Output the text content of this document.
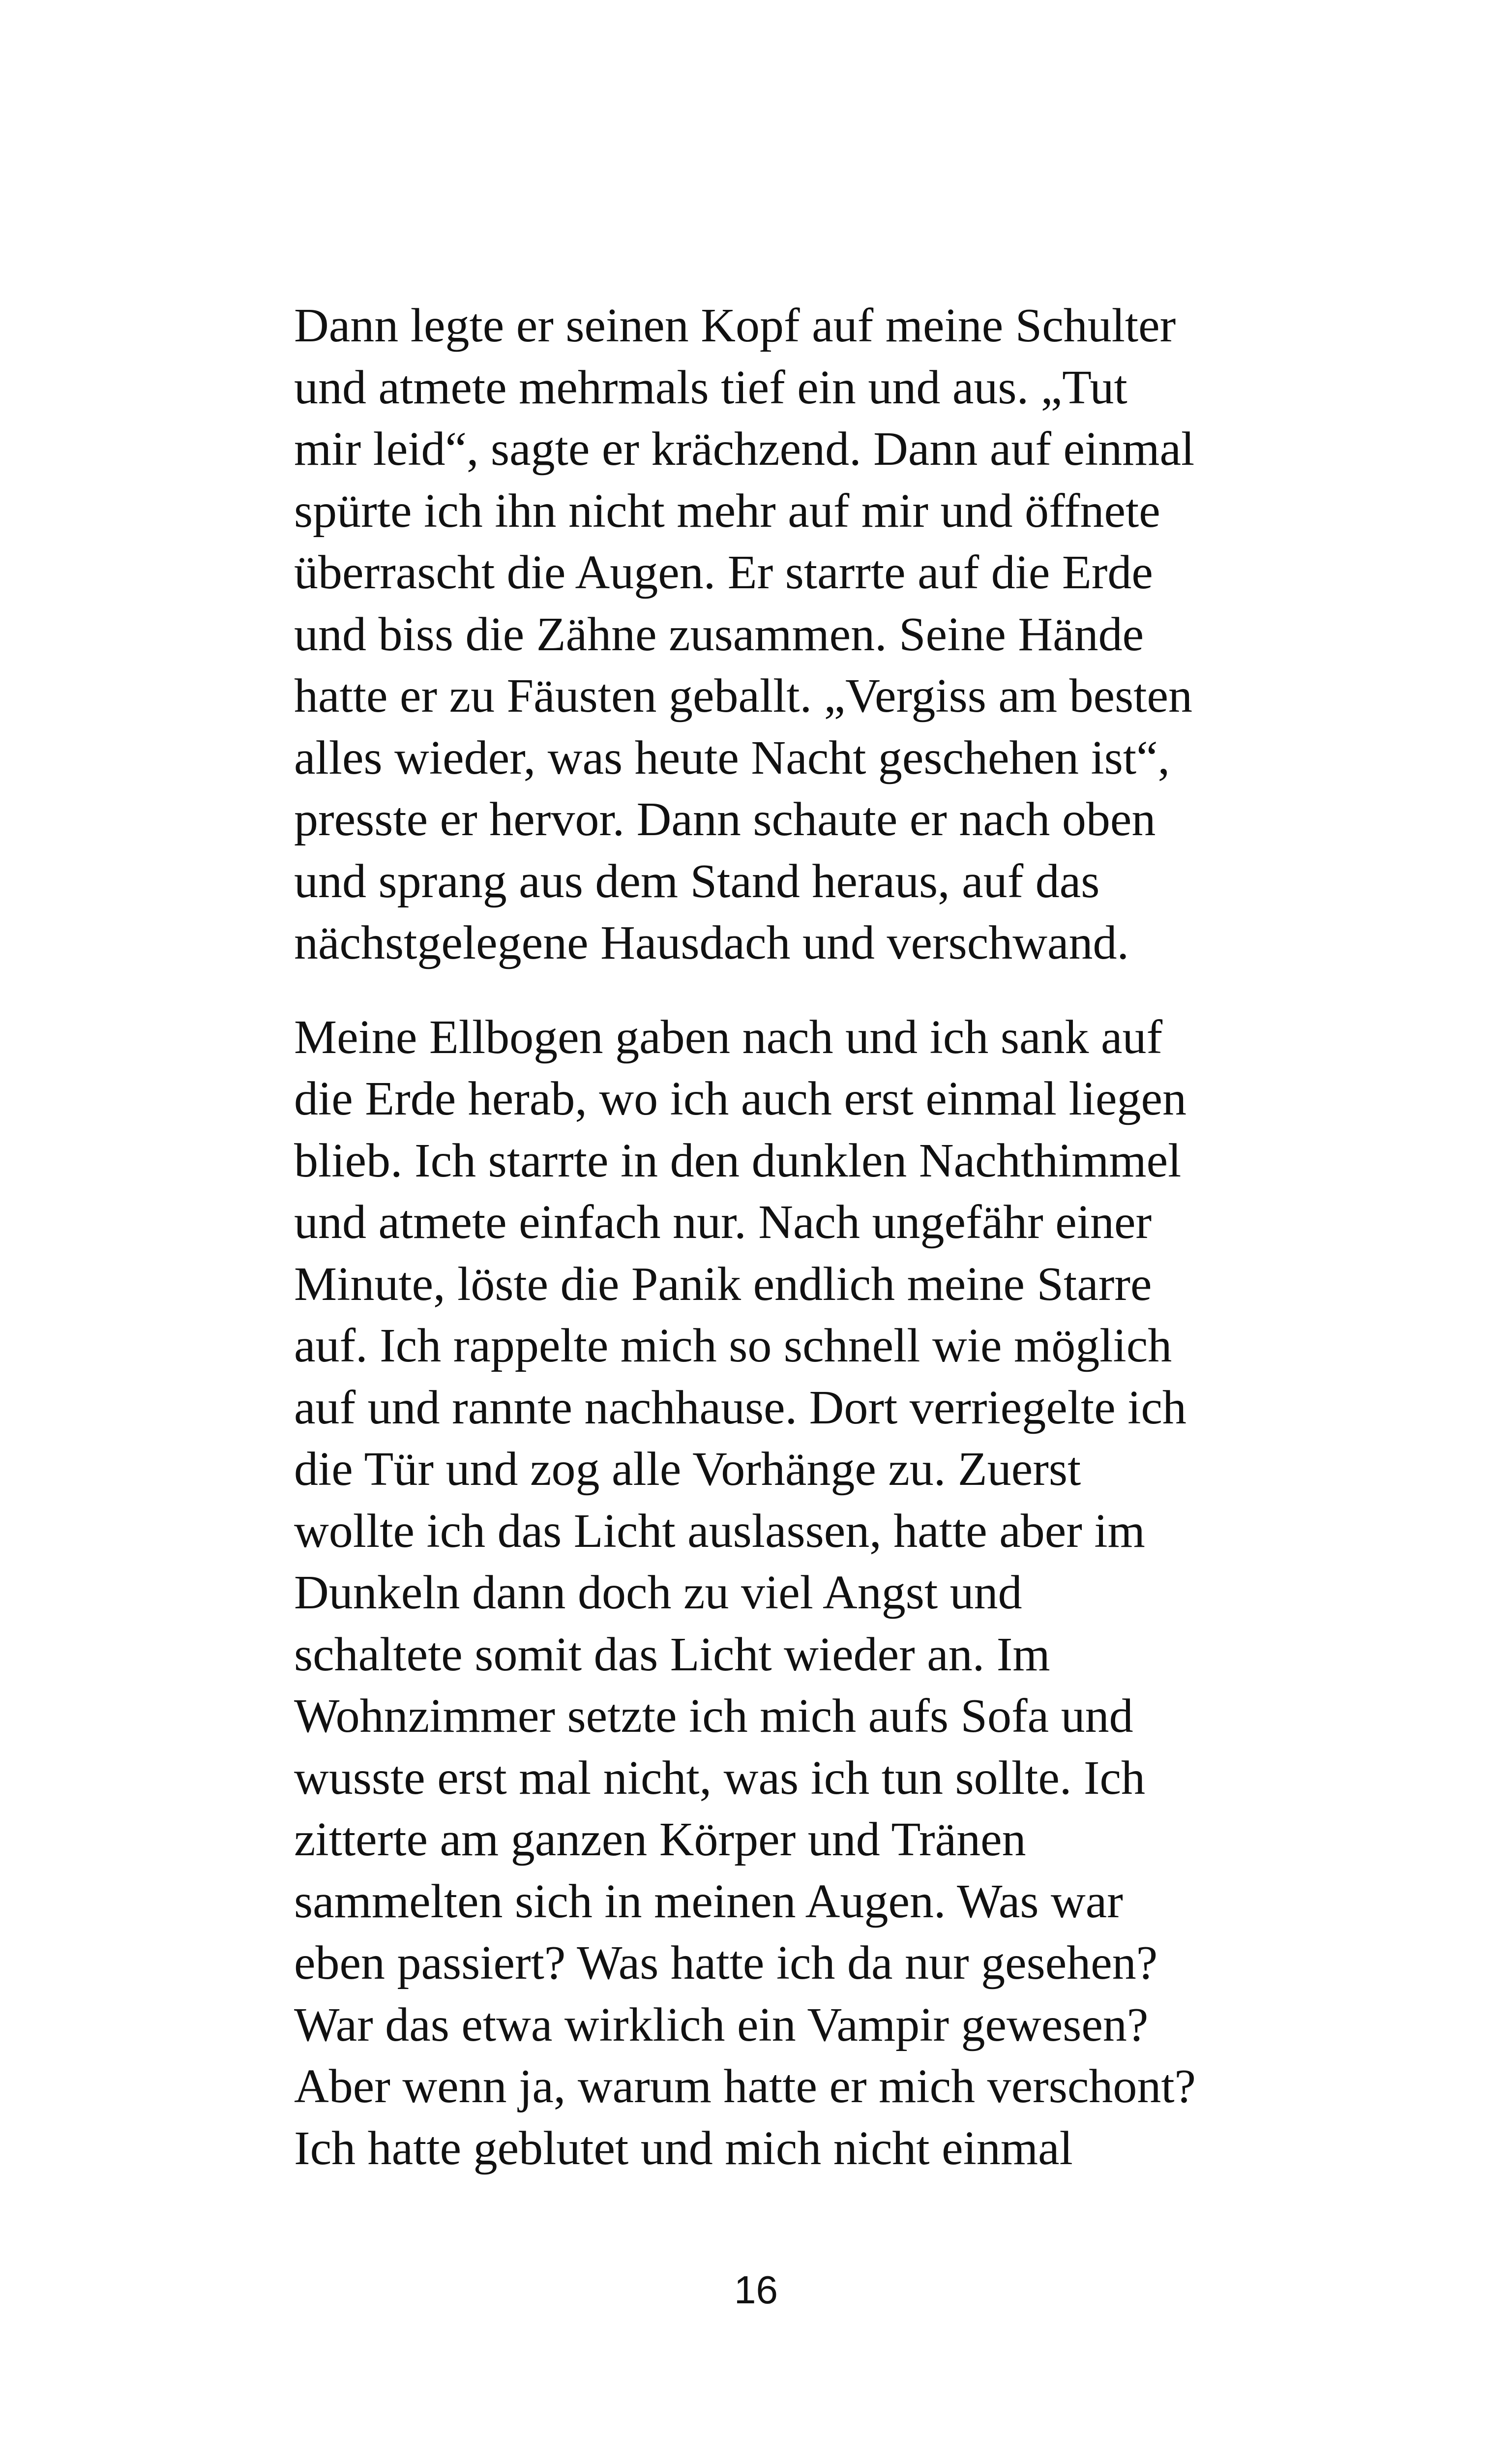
Dann legte er seinen Kopf auf meine Schulter
und atmete mehrmals tief ein und aus. „Tut
mir leid“, sagte er krächzend. Dann auf einmal
spürte ich ihn nicht mehr auf mir und öffnete
überrascht die Augen. Er starrte auf die Erde
und biss die Zähne zusammen. Seine Hände
hatte er zu Fäusten geballt. „Vergiss am besten
alles wieder, was heute Nacht geschehen ist“,
presste er hervor. Dann schaute er nach oben
und sprang aus dem Stand heraus, auf das
nächstgelegene Hausdach und verschwand.
Meine Ellbogen gaben nach und ich sank auf
die Erde herab, wo ich auch erst einmal liegen
blieb. Ich starrte in den dunklen Nachthimmel
und atmete einfach nur. Nach ungefähr einer
Minute, löste die Panik endlich meine Starre
auf. Ich rappelte mich so schnell wie möglich
auf und rannte nachhause. Dort verriegelte ich
die Tür und zog alle Vorhänge zu. Zuerst
wollte ich das Licht auslassen, hatte aber im
Dunkeln dann doch zu viel Angst und
schaltete somit das Licht wieder an. Im
Wohnzimmer setzte ich mich aufs Sofa und
wusste erst mal nicht, was ich tun sollte. Ich
zitterte am ganzen Körper und Tränen
sammelten sich in meinen Augen. Was war
eben passiert? Was hatte ich da nur gesehen?
War das etwa wirklich ein Vampir gewesen?
Aber wenn ja, warum hatte er mich verschont?
Ich hatte geblutet und mich nicht einmal
16
